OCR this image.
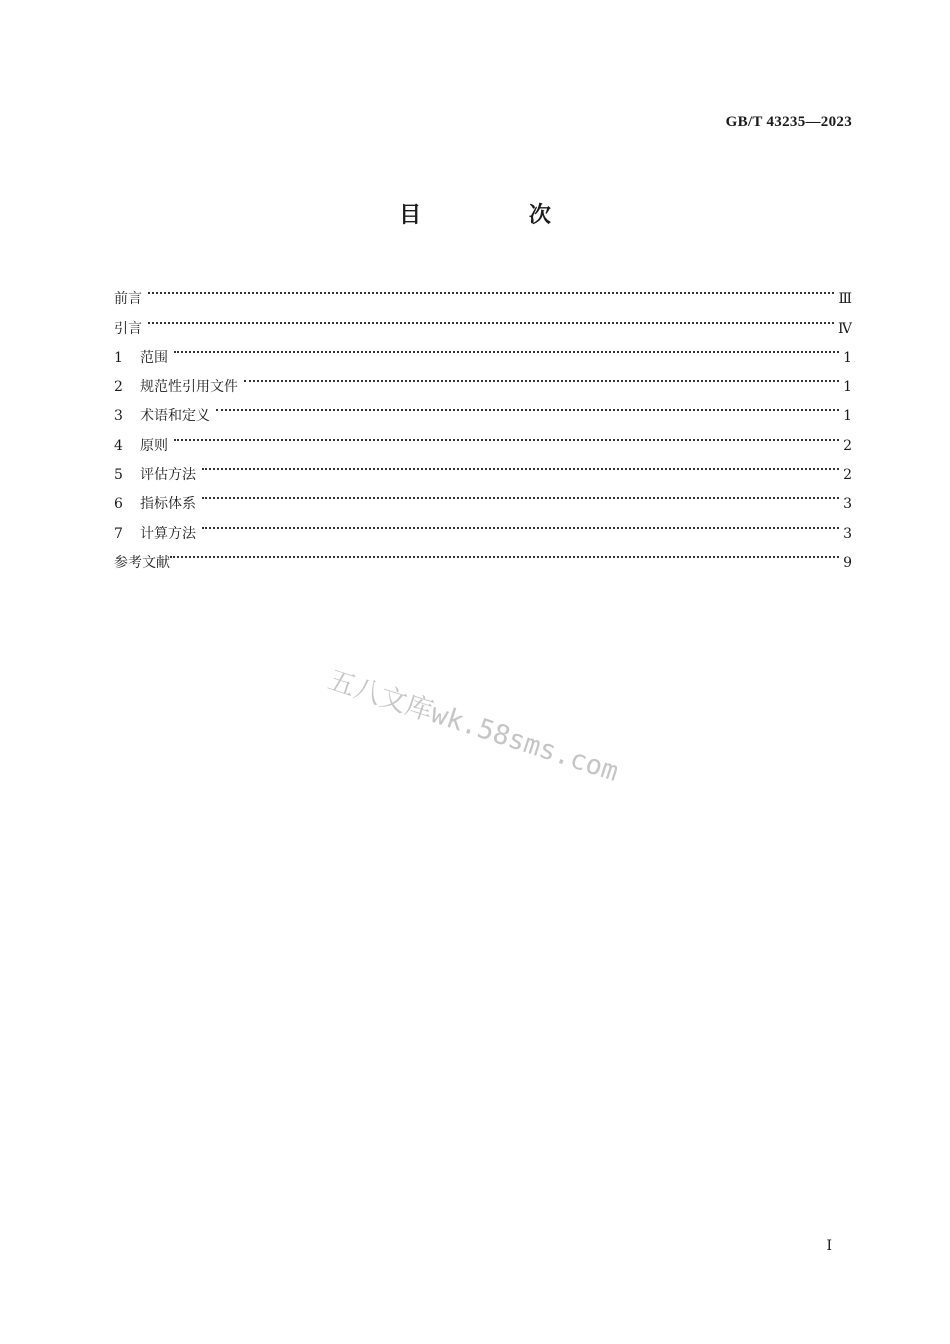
GB/T 43235—2023
目 次
前言	Ⅲ
引言	Ⅳ
1	范围	1
2	规范性引用文件	1
3	术语和定义	1
4	原则	2
5	评估方法	2
6	指标体系	3
7	计算方法	3
参考文献	9
五八文库wk.58sms.com
I
